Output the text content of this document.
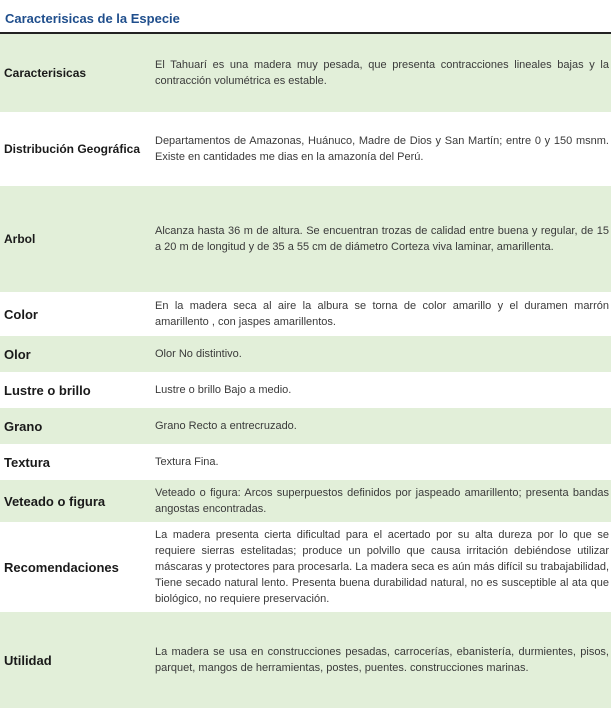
Caracterisicas de la Especie
Caracterisicas	El Tahuarí es una madera muy pesada, que presenta contracciones lineales bajas y la contracción volumétrica es estable.
Distribución Geográfica	Departamentos de Amazonas, Huánuco, Madre de Dios y San Martín; entre 0 y 150 msnm. Existe en cantidades me dias en la amazonía del Perú.
Arbol	Alcanza hasta 36 m de altura. Se encuentran trozas de calidad entre buena y regular, de 15 a 20 m de longitud y de 35 a 55 cm de diámetro Corteza viva laminar, amarillenta.
Color	En la madera seca al aire la albura se torna de color amarillo y el duramen marrón amarillento , con jaspes amarillentos.
Olor	Olor No distintivo.
Lustre o brillo	Lustre o brillo Bajo a medio.
Grano	Grano Recto a entrecruzado.
Textura	Textura Fina.
Veteado o figura	Veteado o figura: Arcos superpuestos definidos por jaspeado amarillento; presenta bandas angostas encontradas.
Recomendaciones	La madera presenta cierta dificultad para el acertado por su alta dureza por lo que se requiere sierras estelitadas; produce un polvillo que causa irritación debiéndose utilizar máscaras y protectores para procesarla. La madera seca es aún más difícil su trabajabilidad, Tiene secado natural lento. Presenta buena durabilidad natural, no es susceptible al ata que biológico, no requiere preservación.
Utilidad	La madera se usa en construcciones pesadas, carrocerías, ebanistería, durmientes, pisos, parquet, mangos de herramientas, postes, puentes. construcciones marinas.
